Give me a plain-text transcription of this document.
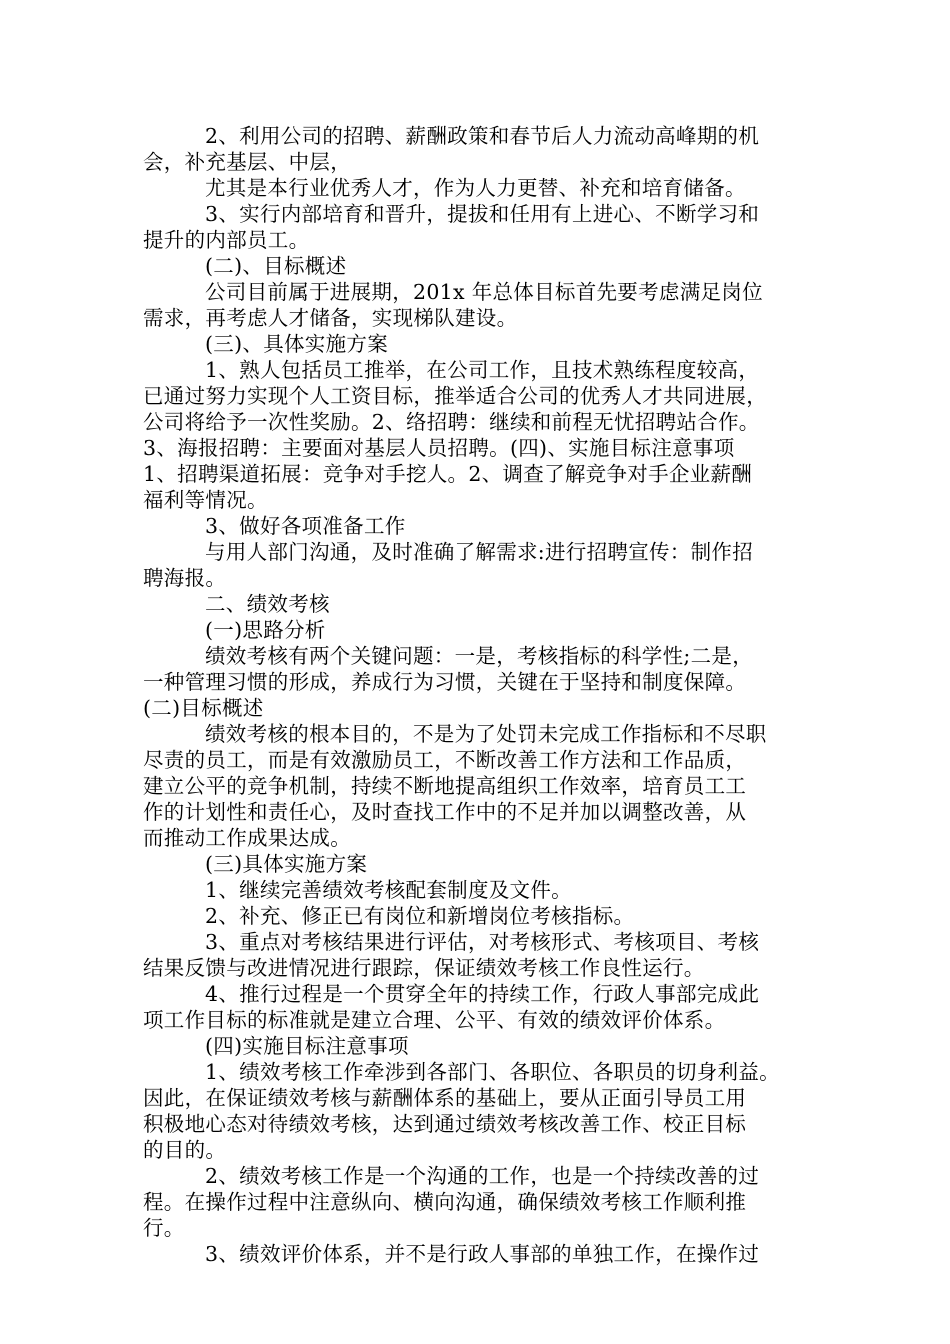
2、利用公司的招聘、薪酬政策和春节后人力流动高峰期的机
会，补充基层、中层，
尤其是本行业优秀人才，作为人力更替、补充和培育储备。
3、实行内部培育和晋升，提拔和任用有上进心、不断学习和
提升的内部员工。
(二)、目标概述
公司目前属于进展期，201x 年总体目标首先要考虑满足岗位
需求，再考虑人才储备，实现梯队建设。
(三)、具体实施方案
1、熟人包括员工推举，在公司工作，且技术熟练程度较高，
已通过努力实现个人工资目标，推举适合公司的优秀人才共同进展，
公司将给予一次性奖励。2、络招聘：继续和前程无忧招聘站合作。
3、海报招聘：主要面对基层人员招聘。(四)、实施目标注意事项
1、招聘渠道拓展：竞争对手挖人。2、调查了解竞争对手企业薪酬
福利等情况。
3、做好各项准备工作
与用人部门沟通，及时准确了解需求:进行招聘宣传：制作招
聘海报。
二、绩效考核
(一)思路分析
绩效考核有两个关键问题：一是，考核指标的科学性;二是，
一种管理习惯的形成，养成行为习惯，关键在于坚持和制度保障。
(二)目标概述
绩效考核的根本目的，不是为了处罚未完成工作指标和不尽职
尽责的员工，而是有效激励员工，不断改善工作方法和工作品质，
建立公平的竞争机制，持续不断地提高组织工作效率，培育员工工
作的计划性和责任心，及时查找工作中的不足并加以调整改善，从
而推动工作成果达成。
(三)具体实施方案
1、继续完善绩效考核配套制度及文件。
2、补充、修正已有岗位和新增岗位考核指标。
3、重点对考核结果进行评估，对考核形式、考核项目、考核
结果反馈与改进情况进行跟踪，保证绩效考核工作良性运行。
4、推行过程是一个贯穿全年的持续工作，行政人事部完成此
项工作目标的标准就是建立合理、公平、有效的绩效评价体系。
(四)实施目标注意事项
1、绩效考核工作牵涉到各部门、各职位、各职员的切身利益。
因此，在保证绩效考核与薪酬体系的基础上，要从正面引导员工用
积极地心态对待绩效考核，达到通过绩效考核改善工作、校正目标
的目的。
2、绩效考核工作是一个沟通的工作，也是一个持续改善的过
程。在操作过程中注意纵向、横向沟通，确保绩效考核工作顺利推
行。
3、绩效评价体系，并不是行政人事部的单独工作，在操作过
